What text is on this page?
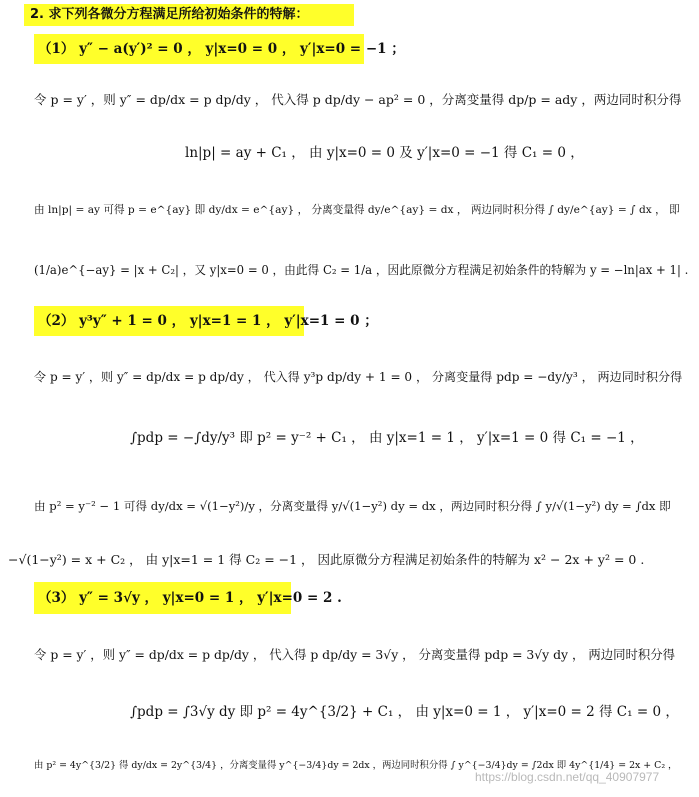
2. 求下列各微分方程满足所给初始条件的特解：
（1） y″ − a(y′)² = 0 ， y|x=0 = 0 ， y′|x=0 = −1 ；
令 p = y′ ，则 y″ = dp/dx = p dp/dy ， 代入得 p dp/dy − ap² = 0 ，分离变量得 dp/p = ady ，两边同时积分得
ln|p| = ay + C₁ ， 由 y|x=0 = 0 及 y′|x=0 = −1 得 C₁ = 0 ，
由 ln|p| = ay 可得 p = e^{ay} 即 dy/dx = e^{ay} ， 分离变量得 dy/e^{ay} = dx ， 两边同时积分得 ∫ dy/e^{ay} = ∫ dx ， 即
(1/a)e^{−ay} = |x + C₂| ，又 y|x=0 = 0 ，由此得 C₂ = 1/a ，因此原微分方程满足初始条件的特解为 y = −ln|ax + 1| .
（2） y³y″ + 1 = 0 ， y|x=1 = 1 ， y′|x=1 = 0 ；
令 p = y′ ，则 y″ = dp/dx = p dp/dy ， 代入得 y³p dp/dy + 1 = 0 ， 分离变量得 pdp = −dy/y³ ， 两边同时积分得
∫pdp = −∫dy/y³ 即 p² = y⁻² + C₁ ， 由 y|x=1 = 1 ， y′|x=1 = 0 得 C₁ = −1 ，
由 p² = y⁻² − 1 可得 dy/dx = √(1−y²)/y ，分离变量得 y/√(1−y²) dy = dx ，两边同时积分得 ∫ y/√(1−y²) dy = ∫dx 即
−√(1−y²) = x + C₂ ， 由 y|x=1 = 1 得 C₂ = −1 ， 因此原微分方程满足初始条件的特解为 x² − 2x + y² = 0 .
（3） y″ = 3√y ， y|x=0 = 1 ， y′|x=0 = 2 .
令 p = y′ ，则 y″ = dp/dx = p dp/dy ， 代入得 p dp/dy = 3√y ， 分离变量得 pdp = 3√y dy ， 两边同时积分得
∫pdp = ∫3√y dy 即 p² = 4y^{3/2} + C₁ ， 由 y|x=0 = 1 ， y′|x=0 = 2 得 C₁ = 0 ，
由 p² = 4y^{3/2} 得 dy/dx = 2y^{3/4} ，分离变量得 y^{−3/4}dy = 2dx ，两边同时积分得 ∫ y^{−3/4}dy = ∫2dx 即 4y^{1/4} = 2x + C₂ ，
https://blog.csdn.net/qq_40907977
